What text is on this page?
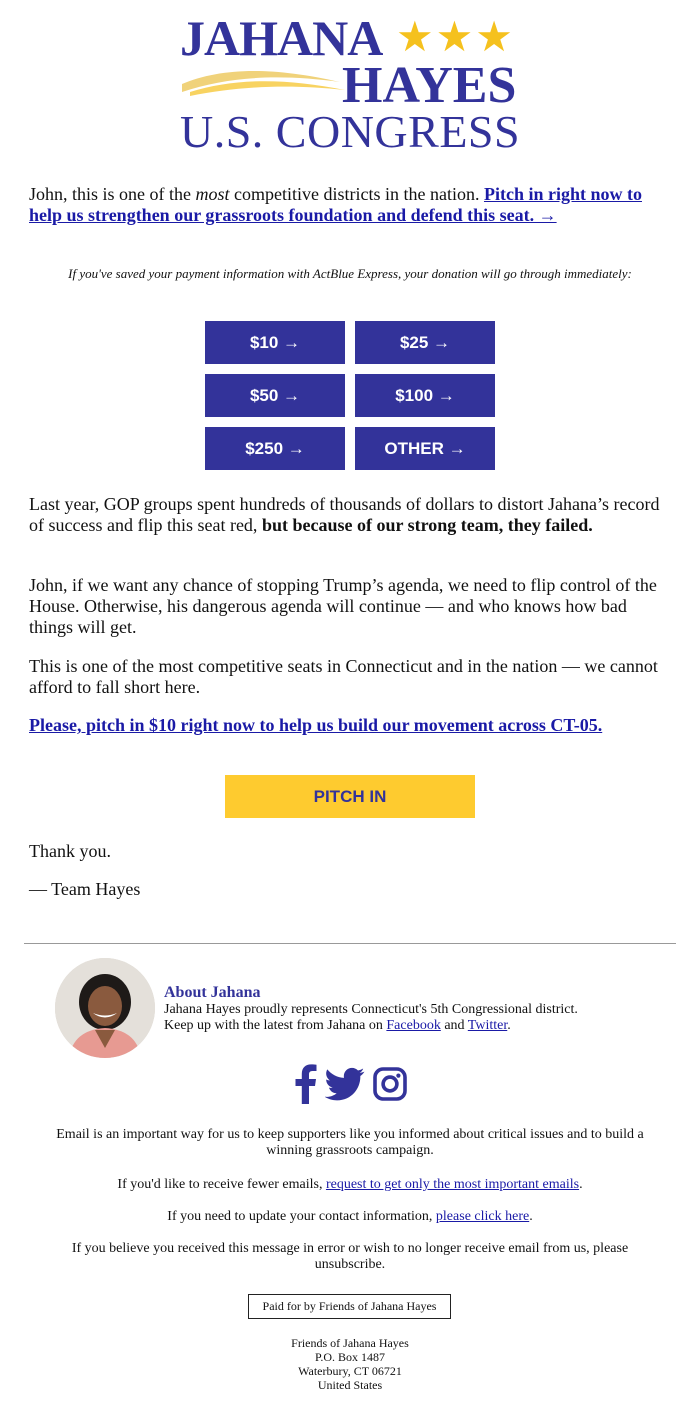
JAHANA ★★★
HAYES
U.S. CONGRESS

John, this is one of the most competitive districts in the nation. Pitch in right now to help us strengthen our grassroots foundation and defend this seat. →

If you've saved your payment information with ActBlue Express, your donation will go through immediately:
$10 →	$25 →
$50 →	$100 →
$250 →	OTHER →

Last year, GOP groups spent hundreds of thousands of dollars to distort Jahana’s record of success and flip this seat red, but because of our strong team, they failed.

John, if we want any chance of stopping Trump’s agenda, we need to flip control of the House. Otherwise, his dangerous agenda will continue — and who knows how bad things will get.

This is one of the most competitive seats in Connecticut and in the nation — we cannot afford to fall short here.

Please, pitch in $10 right now to help us build our movement across CT-05.

PITCH IN

Thank you.

— Team Hayes

About Jahana
Jahana Hayes proudly represents Connecticut's 5th Congressional district.
Keep up with the latest from Jahana on Facebook and Twitter.
Email is an important way for us to keep supporters like you informed about critical issues and to build a winning grassroots campaign.
If you'd like to receive fewer emails, request to get only the most important emails.
If you need to update your contact information, please click here.
If you believe you received this message in error or wish to no longer receive email from us, please unsubscribe.
Paid for by Friends of Jahana Hayes
Friends of Jahana Hayes
P.O. Box 1487
Waterbury, CT 06721
United States
